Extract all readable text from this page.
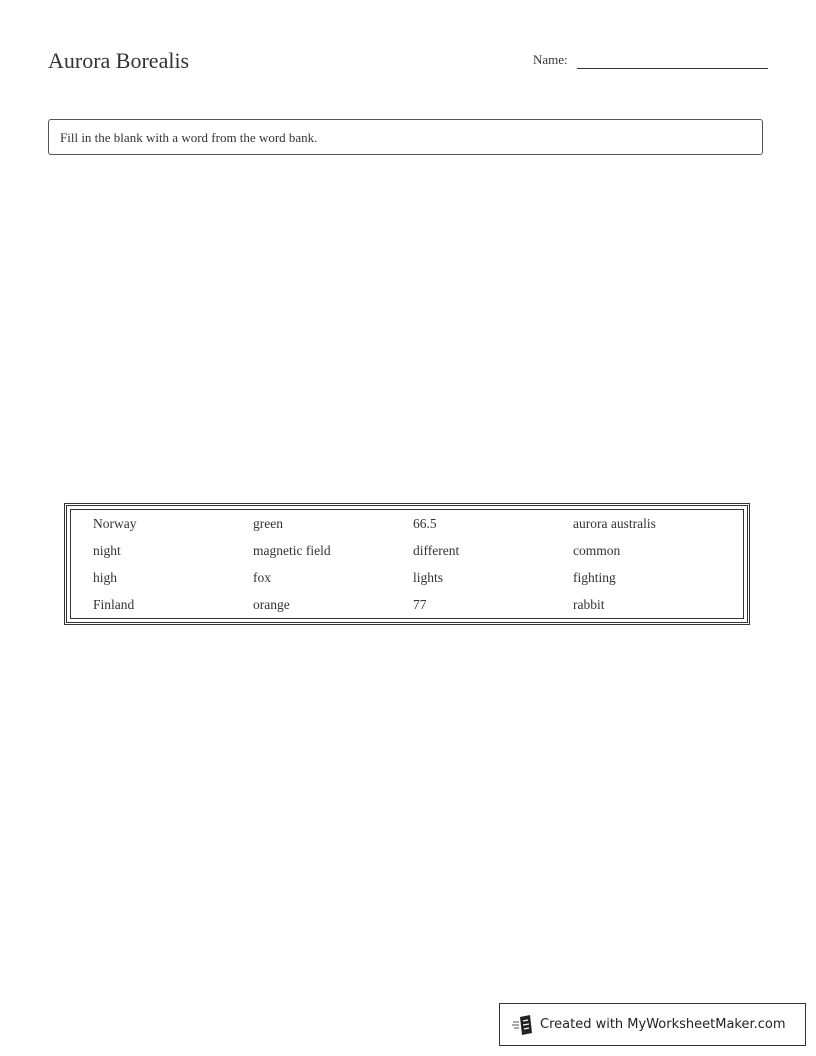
Aurora Borealis	Name:
Fill in the blank with a word from the word bank.
Norway	green	66.5	aurora australis
night	magnetic field	different	common
high	fox	lights	fighting
Finland	orange	77	rabbit
Created with MyWorksheetMaker.com
